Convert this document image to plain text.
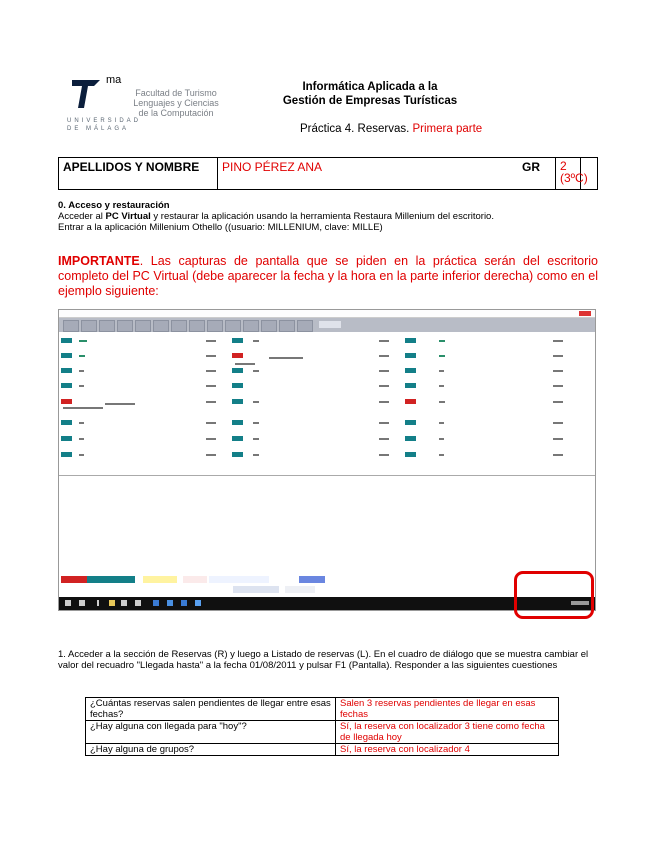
ma
Facultad de Turismo
Lenguajes y Ciencias
de la Computación
UNIVERSIDAD
DE MÁLAGA
Informática Aplicada a la
Gestión de Empresas Turísticas
Práctica 4. Reservas. Primera parte
APELLIDOS Y NOMBRE	PINO PÉREZ ANA	GR	2 (3ºC)
0. Acceso y restauración
Acceder al PC Virtual y restaurar la aplicación usando la herramienta Restaura Millenium del escritorio.
Entrar a la aplicación Millenium Othello ((usuario: MILLENIUM, clave: MILLE)
IMPORTANTE. Las capturas de pantalla que se piden en la práctica serán del escritorio completo del PC Virtual (debe aparecer la fecha y la hora en la parte inferior derecha) como en el ejemplo siguiente:
1. Acceder a la sección de Reservas (R) y luego a Listado de reservas (L). En el cuadro de diálogo que se muestra cambiar el valor del recuadro "Llegada hasta" a la fecha 01/08/2011 y pulsar F1 (Pantalla). Responder a las siguientes cuestiones
¿Cuántas reservas salen pendientes de llegar entre esas fechas?	Salen 3 reservas pendientes de llegar en esas fechas
¿Hay alguna con llegada para "hoy"?	Sí, la reserva con localizador 3 tiene como fecha de llegada hoy
¿Hay alguna de grupos?	Sí, la reserva con localizador 4
